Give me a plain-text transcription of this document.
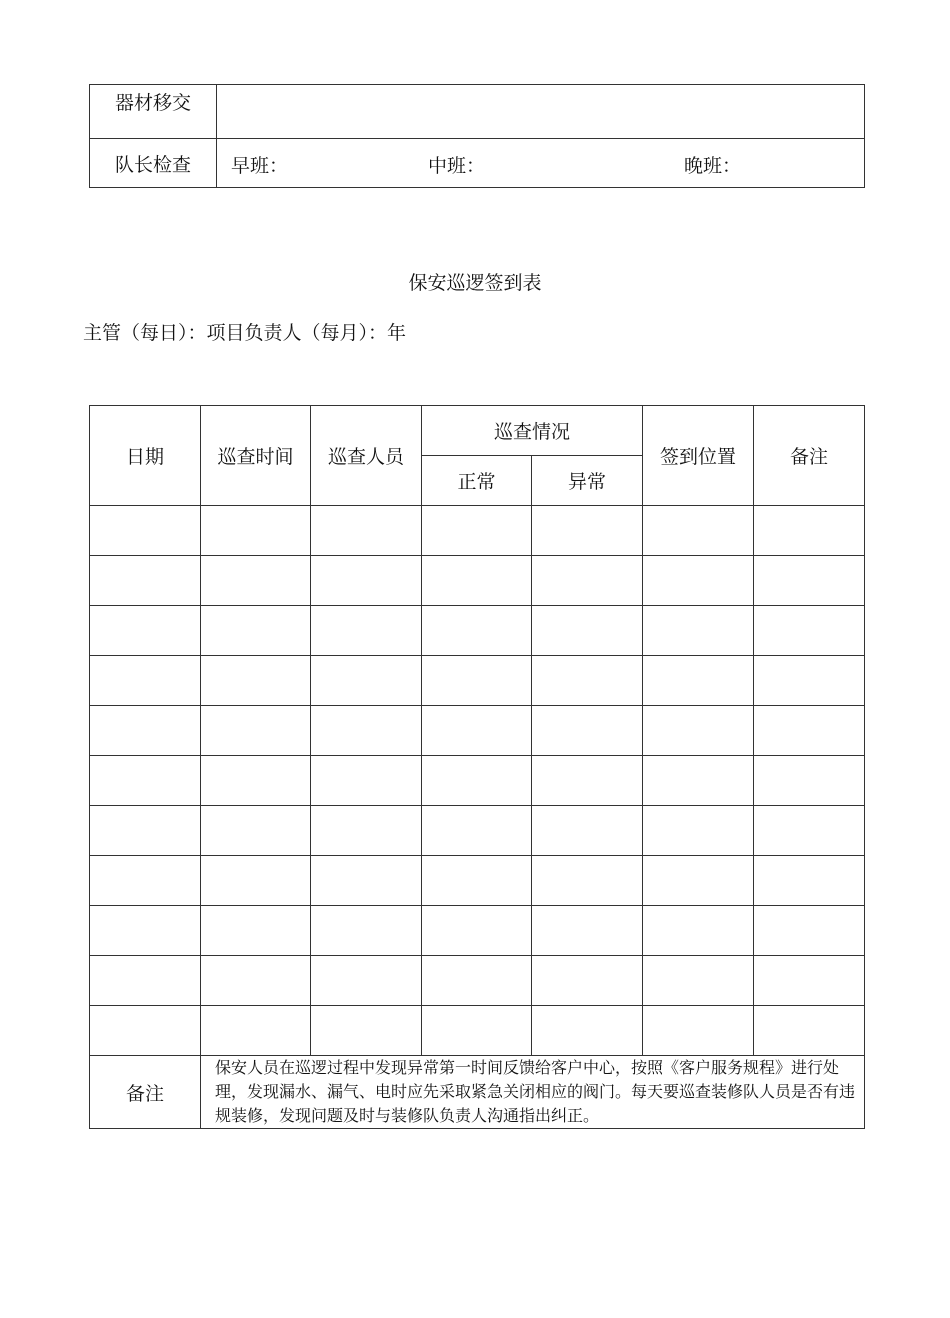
器材移交	
队长检查	早班： 中班： 晚班：
保安巡逻签到表
主管（每日）：项目负责人（每月）：年
日期	巡查时间	巡查人员	巡查情况		签到位置	备注
			正常	异常		

备注	保安人员在巡逻过程中发现异常第一时间反馈给客户中心，按照《客户服务规程》进行处理，发现漏水、漏气、电时应先采取紧急关闭相应的阀门。每天要巡查装修队人员是否有违规装修，发现问题及时与装修队负责人沟通指出纠正。					
